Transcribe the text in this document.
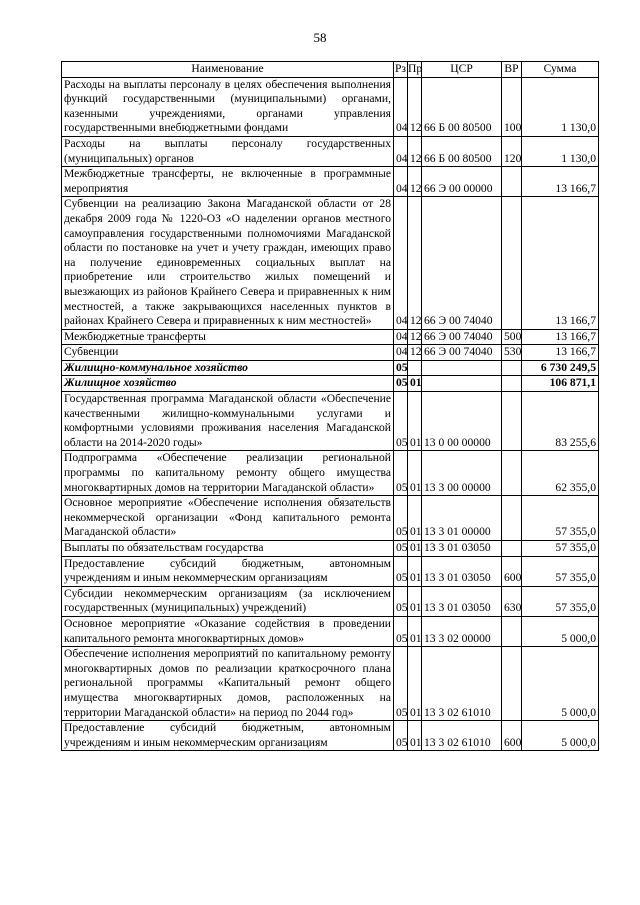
58
Наименование	Рз	Пр	ЦСР	ВР	Сумма
Расходы на выплаты персоналу в целях обеспечения выполнения функций государственными (муниципальными) органами, казенными учреждениями, органами управления государственными внебюджетными фондами	04	12	66 Б 00 80500	100	1 130,0
Расходы на выплаты персоналу государственных (муниципальных) органов	04	12	66 Б 00 80500	120	1 130,0
Межбюджетные трансферты, не включенные в программные мероприятия	04	12	66 Э 00 00000		13 166,7
Субвенции на реализацию Закона Магаданской области от 28 декабря 2009 года № 1220-ОЗ «О наделении органов местного самоуправления государственными полномочиями Магаданской области по постановке на учет и учету граждан, имеющих право на получение единовременных социальных выплат на приобретение или строительство жилых помещений и выезжающих из районов Крайнего Севера и приравненных к ним местностей, а также закрывающихся населенных пунктов в районах Крайнего Севера и приравненных к ним местностей»	04	12	66 Э 00 74040		13 166,7
Межбюджетные трансферты	04	12	66 Э 00 74040	500	13 166,7
Субвенции	04	12	66 Э 00 74040	530	13 166,7
Жилищно-коммунальное хозяйство	05				6 730 249,5
Жилищное хозяйство	05	01			106 871,1
Государственная программа Магаданской области «Обеспечение качественными жилищно-коммунальными услугами и комфортными условиями проживания населения Магаданской области на 2014-2020 годы»	05	01	13 0 00 00000		83 255,6
Подпрограмма «Обеспечение реализации региональной программы по капитальному ремонту общего имущества многоквартирных домов на территории Магаданской области»	05	01	13 3 00 00000		62 355,0
Основное мероприятие «Обеспечение исполнения обязательств некоммерческой организации «Фонд капитального ремонта Магаданской области»	05	01	13 3 01 00000		57 355,0
Выплаты по обязательствам государства	05	01	13 3 01 03050		57 355,0
Предоставление субсидий бюджетным, автономным учреждениям и иным некоммерческим организациям	05	01	13 3 01 03050	600	57 355,0
Субсидии некоммерческим организациям (за исключением государственных (муниципальных) учреждений)	05	01	13 3 01 03050	630	57 355,0
Основное мероприятие «Оказание содействия в проведении капитального ремонта многоквартирных домов»	05	01	13 3 02 00000		5 000,0
Обеспечение исполнения мероприятий по капитальному ремонту многоквартирных домов по реализации краткосрочного плана региональной программы «Капитальный ремонт общего имущества многоквартирных домов, расположенных на территории Магаданской области» на период по 2044 год»	05	01	13 3 02 61010		5 000,0
Предоставление субсидий бюджетным, автономным учреждениям и иным некоммерческим организациям	05	01	13 3 02 61010	600	5 000,0
